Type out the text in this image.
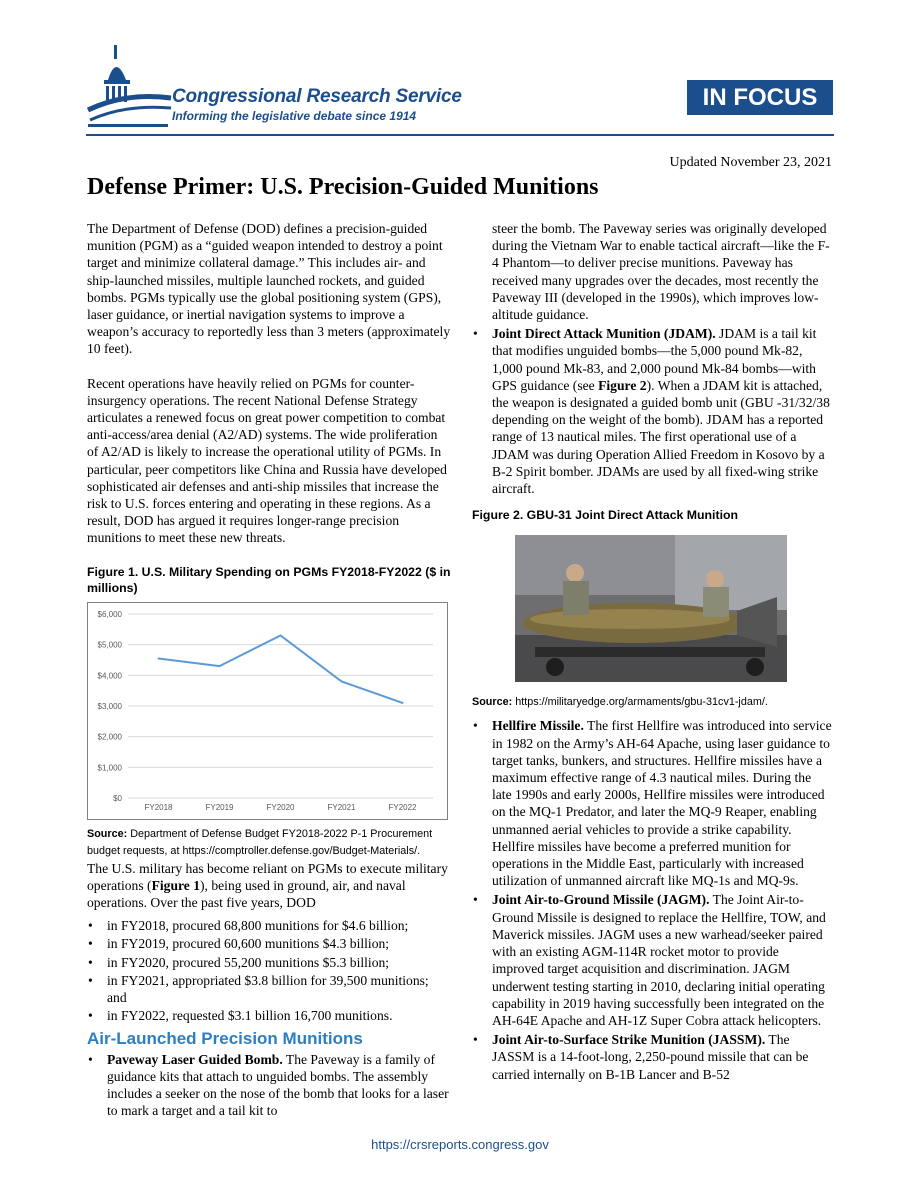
Congressional Research Service
Informing the legislative debate since 1914
IN FOCUS
Updated November 23, 2021
Defense Primer: U.S. Precision-Guided Munitions

The Department of Defense (DOD) defines a precision-guided munition (PGM) as a “guided weapon intended to destroy a point target and minimize collateral damage.” This includes air- and ship-launched missiles, multiple launched rockets, and guided bombs. PGMs typically use the global positioning system (GPS), laser guidance, or inertial navigation systems to improve a weapon’s accuracy to reportedly less than 3 meters (approximately 10 feet).

Recent operations have heavily relied on PGMs for counter-insurgency operations. The recent National Defense Strategy articulates a renewed focus on great power competition to combat anti-access/area denial (A2/AD) systems. The wide proliferation of A2/AD is likely to increase the operational utility of PGMs. In particular, peer competitors like China and Russia have developed sophisticated air defenses and anti-ship missiles that increase the risk to U.S. forces entering and operating in these regions. As a result, DOD has argued it requires longer-range precision munitions to meet these new threats.

Figure 1. U.S. Military Spending on PGMs FY2018-FY2022 ($ in millions)
$0
$1,000
$2,000
$3,000
$4,000
$5,000
$6,000
FY2018	FY2019	FY2020	FY2021	FY2022
Source: Department of Defense Budget FY2018-2022 P-1 Procurement budget requests, at https://comptroller.defense.gov/Budget-Materials/.

The U.S. military has become reliant on PGMs to execute military operations (Figure 1), being used in ground, air, and naval operations. Over the past five years, DOD

• in FY2018, procured 68,800 munitions for $4.6 billion;
• in FY2019, procured 60,600 munitions $4.3 billion;
• in FY2020, procured 55,200 munitions $5.3 billion;
• in FY2021, appropriated $3.8 billion for 39,500 munitions; and
• in FY2022, requested $3.1 billion 16,700 munitions.
Air-Launched Precision Munitions
• Paveway Laser Guided Bomb. The Paveway is a family of guidance kits that attach to unguided bombs. The assembly includes a seeker on the nose of the bomb that looks for a laser to mark a target and a tail kit to

steer the bomb. The Paveway series was originally developed during the Vietnam War to enable tactical aircraft—like the F-4 Phantom—to deliver precise munitions. Paveway has received many upgrades over the decades, most recently the Paveway III (developed in the 1990s), which improves low-altitude guidance.

• Joint Direct Attack Munition (JDAM). JDAM is a tail kit that modifies unguided bombs—the 5,000 pound Mk-82, 1,000 pound Mk-83, and 2,000 pound Mk-84 bombs—with GPS guidance (see Figure 2). When a JDAM kit is attached, the weapon is designated a guided bomb unit (GBU -31/32/38 depending on the weight of the bomb). JDAM has a reported range of 13 nautical miles. The first operational use of a JDAM was during Operation Allied Freedom in Kosovo by a B-2 Spirit bomber. JDAMs are used by all fixed-wing strike aircraft.
Figure 2. GBU-31 Joint Direct Attack Munition
Source: https://militaryedge.org/armaments/gbu-31cv1-jdam/.
• Hellfire Missile. The first Hellfire was introduced into service in 1982 on the Army’s AH-64 Apache, using laser guidance to target tanks, bunkers, and structures. Hellfire missiles have a maximum effective range of 4.3 nautical miles. During the late 1990s and early 2000s, Hellfire missiles were introduced on the MQ-1 Predator, and later the MQ-9 Reaper, enabling unmanned aerial vehicles to provide a strike capability. Hellfire missiles have become a preferred munition for operations in the Middle East, particularly with increased utilization of unmanned aircraft like MQ-1s and MQ-9s.
• Joint Air-to-Ground Missile (JAGM). The Joint Air-to-Ground Missile is designed to replace the Hellfire, TOW, and Maverick missiles. JAGM uses a new warhead/seeker paired with an existing AGM-114R rocket motor to provide improved target acquisition and discrimination. JAGM underwent testing starting in 2010, declaring initial operating capability in 2019 having successfully been integrated on the AH-64E Apache and AH-1Z Super Cobra attack helicopters.
• Joint Air-to-Surface Strike Munition (JASSM). The JASSM is a 14-foot-long, 2,250-pound missile that can be carried internally on B-1B Lancer and B-52
https://crsreports.congress.gov
